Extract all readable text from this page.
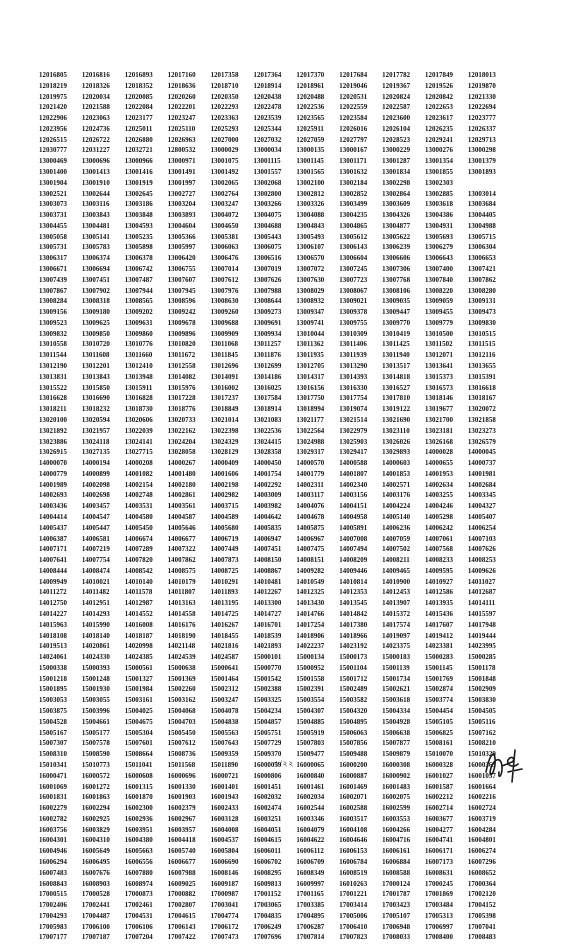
12016805	12016816	12016893	12017160	12017358	12017364	12017370	12017684	12017782	12017849	12018013
12018219	12018326	12018352	12018636	12018710	12018914	12018961	12019046	12019367	12019526	12019870
12019975	12020034	12020085	12020260	12020350	12020438	12020488	12020531	12020824	12020842	12021330
12021420	12021588	12022084	12022201	12022293	12022478	12022536	12022559	12022587	12022653	12022694
12022906	12023063	12023177	12023247	12023363	12023539	12023565	12023584	12023600	12023617	12023777
12023956	12024736	12025011	12025110	12025293	12025344	12025911	12026016	12026104	12026235	12026337
12026515	12026722	12026880	12026963	12027000	12027032	12027059	12027797	12028523	12029241	12029713
12030777	12031227	12032721	12800532	13000029	13000034	13000135	13000167	13000229	13000276	13000298
13000469	13000696	13000966	13000971	13001075	13001115	13001145	13001171	13001287	13001354	13001379
13001400	13001413	13001416	13001491	13001492	13001557	13001565	13001632	13001834	13001855	13001893
13001904	13001910	13001919	13001997	13002065	13002068	13002100	13002184	13002298	13002303
13002521	13002644	13002645	13002727	13002764	13002800	13002812	13002852	13002864	13002885	13003014
13003073	13003116	13003186	13003204	13003247	13003266	13003326	13003499	13003609	13003618	13003684
13003731	13003843	13003848	13003893	13004072	13004075	13004088	13004235	13004326	13004386	13004405
13004455	13004481	13004593	13004604	13004650	13004688	13004843	13004865	13004877	13004931	13004988
13005058	13005141	13005235	13005366	13005381	13005443	13005493	13005612	13005622	13005693	13005715
13005731	13005783	13005898	13005997	13006063	13006075	13006107	13006143	13006239	13006279	13006304
13006317	13006374	13006378	13006420	13006476	13006516	13006570	13006604	13006606	13006643	13006653
13006671	13006694	13006742	13006755	13007014	13007019	13007072	13007245	13007306	13007400	13007421
13007439	13007451	13007487	13007607	13007612	13007626	13007630	13007723	13007768	13007840	13007862
13007867	13007902	13007944	13007945	13007976	13007988	13008029	13008067	13008106	13008220	13008280
13008284	13008318	13008565	13008596	13008630	13008644	13008932	13009021	13009035	13009059	13009131
13009156	13009180	13009202	13009242	13009260	13009273	13009347	13009378	13009447	13009455	13009473
13009523	13009625	13009631	13009678	13009688	13009691	13009741	13009755	13009770	13009779	13009830
13009832	13009850	13009860	13009896	13009909	13009934	13010044	13010309	13010419	13010500	13010515
13010558	13010720	13010776	13010820	13011068	13011257	13011362	13011406	13011425	13011502	13011515
13011544	13011608	13011660	13011672	13011845	13011876	13011935	13011939	13011940	13012071	13012116
13012190	13012201	13012410	13012558	13012696	13012699	13012705	13013290	13013517	13013641	13013655
13013831	13013843	13013948	13014082	13014091	13014186	13014317	13014393	13014818	13015373	13015391
13015522	13015850	13015911	13015976	13016002	13016025	13016156	13016330	13016527	13016573	13016618
13016628	13016690	13016828	13017228	13017237	13017584	13017750	13017754	13017810	13018146	13018167
13018211	13018232	13018730	13018776	13018849	13018914	13018994	13019074	13019122	13019677	13020072
13020100	13020594	13020606	13020733	13021014	13021083	13021177	13021514	13021690	13021700	13021858
13021892	13021957	13022039	13022162	13022398	13022536	13022564	13022979	13023110	13023181	13023273
13023886	13024118	13024141	13024204	13024329	13024415	13024988	13025903	13026026	13026168	13026579
13026915	13027135	13027715	13028058	13028129	13028358	13029317	13029417	13029893	14000028	14000045
14000070	14000194	14000208	14000267	14000409	14000450	14000570	14000588	14000603	14000655	14000737
14000779	14000899	14001082	14001480	14001606	14001754	14001779	14001807	14001853	14001953	14001981
14001989	14002098	14002154	14002180	14002198	14002292	14002311	14002340	14002571	14002634	14002684
14002693	14002698	14002748	14002861	14002982	14003009	14003117	14003156	14003176	14003255	14003345
14003436	14003457	14003531	14003561	14003715	14003982	14004076	14004151	14004224	14004246	14004327
14004414	14004547	14004580	14004587	14004589	14004642	14004678	14004958	14005140	14005298	14005407
14005437	14005447	14005450	14005646	14005680	14005835	14005875	14005891	14006236	14006242	14006254
14006387	14006581	14006674	14006677	14006719	14006947	14006967	14007008	14007059	14007061	14007103
14007171	14007219	14007289	14007322	14007449	14007451	14007475	14007494	14007502	14007568	14007626
14007641	14007754	14007820	14007862	14007873	14008150	14008151	14008209	14008211	14008233	14008253
14008444	14008474	14008542	14008575	14008725	14008867	14009282	14009446	14009465	14009595	14009626
14009949	14010021	14010140	14010179	14010291	14010481	14010549	14010814	14010900	14010927	14011027
14011272	14011482	14011578	14011807	14011893	14012267	14012325	14012353	14012453	14012586	14012687
14012750	14012951	14012987	14013163	14013195	14013300	14013430	14013545	14013907	14013935	14014111
14014227	14014293	14014552	14014558	14014725	14014727	14014766	14014842	14015372	14015436	14015597
14015963	14015990	14016008	14016176	14016267	14016701	14017254	14017380	14017574	14017607	14017948
14018108	14018140	14018187	14018190	14018455	14018539	14018906	14018966	14019097	14019412	14019444
14019513	14020861	14020998	14021148	14021816	14021893	14022237	14023192	14023375	14023381	14023995
14024061	14024330	14024385	14024539	14024587	15000101	15000134	15000173	15000183	15000283	15000285
15000338	15000393	15000561	15000638	15000641	15000770	15000952	15001104	15001139	15001145	15001178
15001218	15001248	15001327	15001369	15001464	15001542	15001558	15001712	15001734	15001769	15001848
15001895	15001930	15001984	15002260	15002312	15002388	15002391	15002489	15002621	15002874	15002909
15003053	15003055	15003161	15003162	15003247	15003325	15003554	15003582	15003618	15003774	15003830
15003875	15003996	15004025	15004068	15004078	15004234	15004307	15004320	15004334	15004454	15004505
15004528	15004661	15004675	15004703	15004838	15004857	15004885	15004895	15004928	15005105	15005116
15005167	15005177	15005304	15005450	15005563	15005751	15005919	15006063	15006638	15006825	15007162
15007307	15007578	15007601	15007612	15007643	15007729	15007803	15007856	15007877	15008161	15008210
15008310	15008590	15008664	15008736	15009359	15009370	15009477	15009488	15009879	15010070	15010329
15010341	15010773	15011041	15011568	15011890	16000059	16000065	16000200	16000308	16000328	16000363
16000471	16000572	16000608	16000696	16000721	16000806	16000840	16000887	16000902	16001027	16001057
16001069	16001272	16001315	16001330	16001401	16001451	16001461	16001469	16001483	16001587	16001664
16001831	16001863	16001870	16001903	16001943	16002032	16002034	16002071	16002075	16002212	16002216
16002279	16002294	16002300	16002379	16002433	16002474	16002544	16002588	16002599	16002714	16002724
16002782	16002925	16002936	16002967	16003128	16003251	16003346	16003517	16003553	16003677	16003719
16003756	16003829	16003951	16003957	16004008	16004051	16004079	16004108	16004266	16004277	16004284
16004301	16004310	16004380	16004418	16004537	16004615	16004622	16004646	16004716	16004741	16004801
16004946	16005649	16005663	16005740	16005804	16006011	16006112	16006153	16006161	16006171	16006274
16006294	16006495	16006556	16006677	16006690	16006702	16006709	16006784	16006884	16007173	16007296
16007483	16007676	16007880	16007988	16008146	16008295	16008349	16008519	16008588	16008631	16008652
16008843	16008903	16008974	16009025	16009187	16009813	16009997	16010263	17000124	17000245	17000364
17000515	17000528	17000873	17000882	17000987	17001152	17001165	17001221	17001787	17001869	17002120
17002406	17002441	17002461	17002807	17003041	17003065	17003385	17003414	17003423	17003484	17004152
17004293	17004487	17004531	17004615	17004774	17004835	17004895	17005006	17005107	17005313	17005398
17005983	17006100	17006106	17006143	17006172	17006249	17006287	17006410	17006948	17006997	17007041
17007177	17007187	17007204	17007422	17007473	17007696	17007814	17007823	17008033	17008400	17008483
৬/২২
